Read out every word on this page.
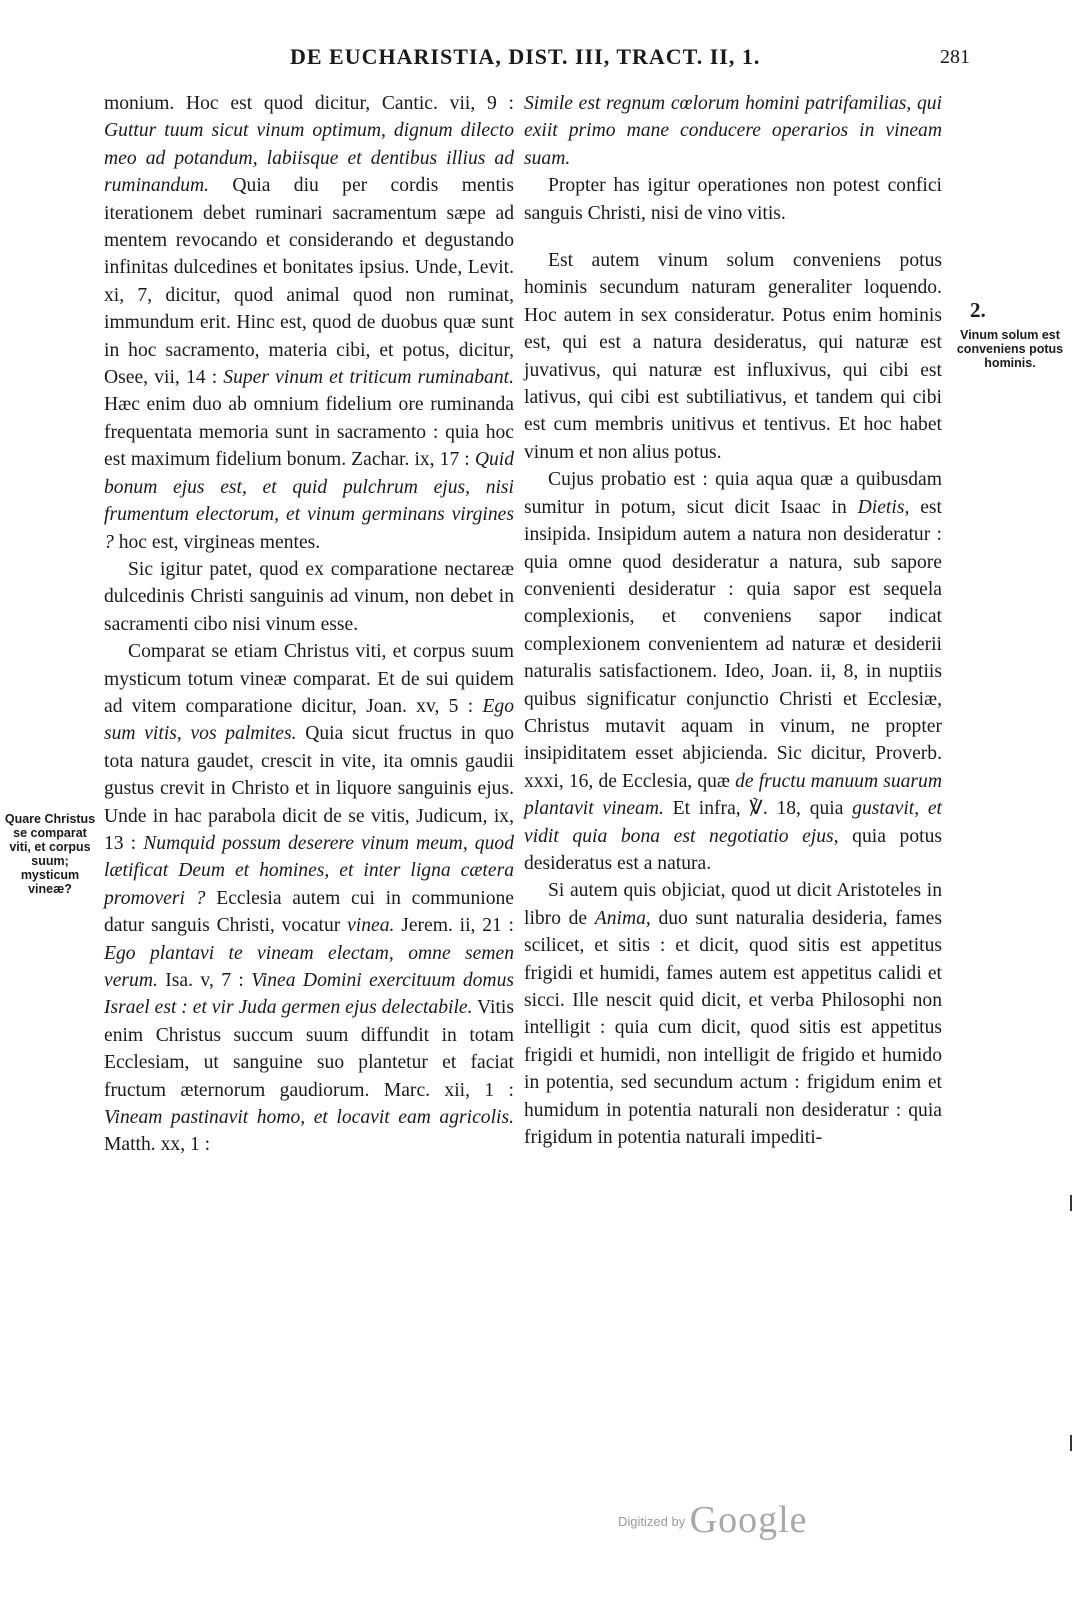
DE EUCHARISTIA, DIST. III, TRACT. II, 1.	281

monium. Hoc est quod dicitur, Cantic. vii, 9 : Guttur tuum sicut vinum optimum, dignum dilecto meo ad potandum, labiisque et dentibus illius ad ruminandum. Quia diu per cordis mentis iterationem debet ruminari sacramentum sæpe ad mentem revocando et considerando et degustando infinitas dulcedines et bonitates ipsius. Unde, Levit. xi, 7, dicitur, quod animal quod non ruminat, immundum erit. Hinc est, quod de duobus quæ sunt in hoc sacramento, materia cibi, et potus, dicitur, Osee, vii, 14 : Super vinum et triticum ruminabant. Hæc enim duo ab omnium fidelium ore ruminanda frequentata memoria sunt in sacramento : quia hoc est maximum fidelium bonum. Zachar. ix, 17 : Quid bonum ejus est, et quid pulchrum ejus, nisi frumentum electorum, et vinum germinans virgines ? hoc est, virgineas mentes.

Sic igitur patet, quod ex comparatione nectareæ dulcedinis Christi sanguinis ad vinum, non debet in sacramenti cibo nisi vinum esse.

Comparat se etiam Christus viti, et corpus suum mysticum totum vineæ comparat. Et de sui quidem ad vitem comparatione dicitur, Joan. xv, 5 : Ego sum vitis, vos palmites. Quia sicut fructus in quo tota natura gaudet, crescit in vite, ita omnis gaudii gustus crevit in Christo et in liquore sanguinis ejus. Unde in hac parabola dicit de se vitis, Judicum, ix, 13 : Numquid possum deserere vinum meum, quod lætificat Deum et homines, et inter ligna cætera promoveri ? Ecclesia autem cui in communione datur sanguis Christi, vocatur vinea. Jerem. ii, 21 : Ego plantavi te vineam electam, omne semen verum. Isa. v, 7 : Vinea Domini exercituum domus Israel est : et vir Juda germen ejus delectabile. Vitis enim Christus succum suum diffundit in totam Ecclesiam, ut sanguine suo plantetur et faciat fructum æternorum gaudiorum. Marc. xii, 1 : Vineam pastinavit homo, et locavit eam agricolis. Matth. xx, 1 :

Simile est regnum cœlorum homini patrifamilias, qui exiit primo mane conducere operarios in vineam suam.

Propter has igitur operationes non potest confici sanguis Christi, nisi de vino vitis.

Est autem vinum solum conveniens potus hominis secundum naturam generaliter loquendo. Hoc autem in sex consideratur. Potus enim hominis est, qui est a natura desideratus, qui naturæ est juvativus, qui naturæ est influxivus, qui cibi est lativus, qui cibi est subtiliativus, et tandem qui cibi est cum membris unitivus et tentivus. Et hoc habet vinum et non alius potus.

Cujus probatio est : quia aqua quæ a quibusdam sumitur in potum, sicut dicit Isaac in Dietis, est insipida. Insipidum autem a natura non desideratur : quia omne quod desideratur a natura, sub sapore convenienti desideratur : quia sapor est sequela complexionis, et conveniens sapor indicat complexionem convenientem ad naturæ et desiderii naturalis satisfactionem. Ideo, Joan. ii, 8, in nuptiis quibus significatur conjunctio Christi et Ecclesiæ, Christus mutavit aquam in vinum, ne propter insipiditatem esset abjicienda. Sic dicitur, Proverb. xxxi, 16, de Ecclesia, quæ de fructu manuum suarum plantavit vineam. Et infra, ℣. 18, quia gustavit, et vidit quia bona est negotiatio ejus, quia potus desideratus est a natura.

Si autem quis objiciat, quod ut dicit Aristoteles in libro de Anima, duo sunt naturalia desideria, fames scilicet, et sitis : et dicit, quod sitis est appetitus frigidi et humidi, fames autem est appetitus calidi et sicci. Ille nescit quid dicit, et verba Philosophi non intelligit : quia cum dicit, quod sitis est appetitus frigidi et humidi, non intelligit de frigido et humido in potentia, sed secundum actum : frigidum enim et humidum in potentia naturali non desideratur : quia frigidum in potentia naturali impediti-

Quare Christus se comparat viti, et corpus suum; mysticum vineæ?
2.
Vinum solum est conveniens potus hominis.
$^{Digitized by}$ Google
